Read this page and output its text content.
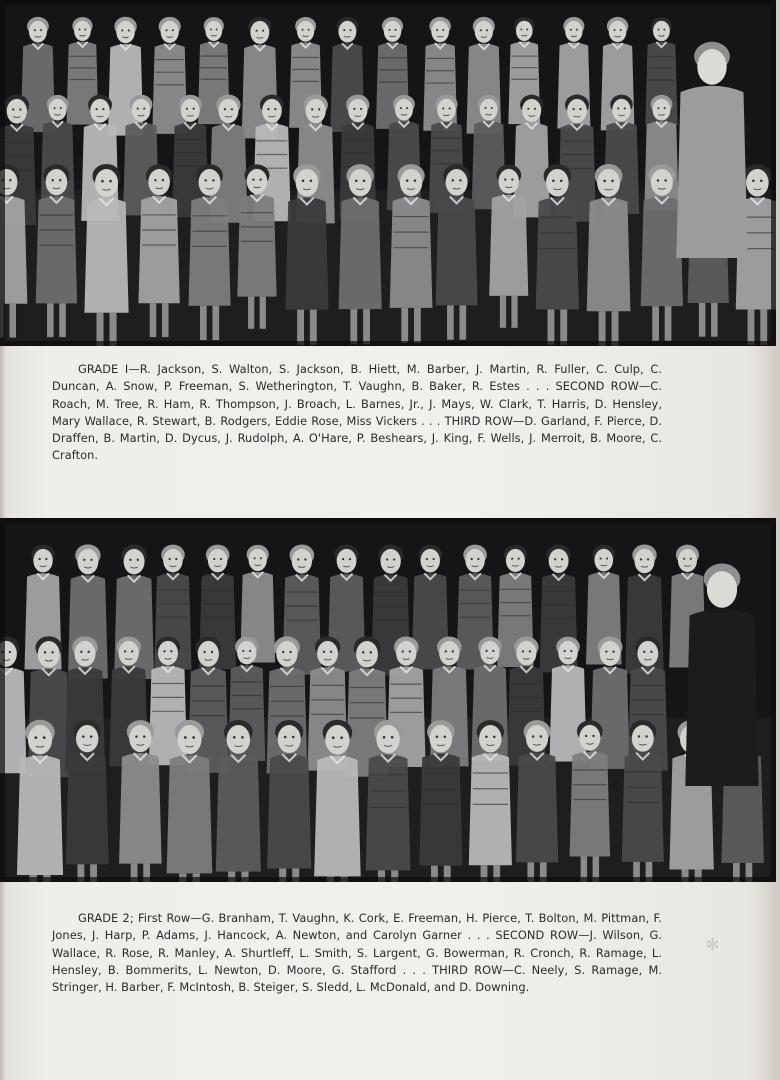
GRADE I—R. Jackson, S. Walton, S. Jackson, B. Hiett, M. Barber, J. Martin, R. Fuller, C. Culp, C. Duncan, A. Snow, P. Freeman, S. Wetherington, T. Vaughn, B. Baker, R. Estes . . . SECOND ROW—C. Roach, M. Tree, R. Ham, R. Thompson, J. Broach, L. Barnes, Jr., J. Mays, W. Clark, T. Harris, D. Hensley, Mary Wallace, R. Stewart, B. Rodgers, Eddie Rose, Miss Vickers . . . THIRD ROW—D. Garland, F. Pierce, D. Draffen, B. Martin, D. Dycus, J. Rudolph, A. O'Hare, P. Beshears, J. King, F. Wells, J. Merroit, B. Moore, C. Crafton.

GRADE 2; First Row—G. Branham, T. Vaughn, K. Cork, E. Freeman, H. Pierce, T. Bolton, M. Pittman, F. Jones, J. Harp, P. Adams, J. Hancock, A. Newton, and Carolyn Garner . . . SECOND ROW—J. Wilson, G. Wallace, R. Rose, R. Manley, A. Shurtleff, L. Smith, S. Largent, G. Bowerman, R. Cronch, R. Ramage, L. Hensley, B. Bommerits, L. Newton, D. Moore, G. Stafford . . . THIRD ROW—C. Neely, S. Ramage, M. Stringer, H. Barber, F. McIntosh, B. Steiger, S. Sledd, L. McDonald, and D. Downing.

✻
